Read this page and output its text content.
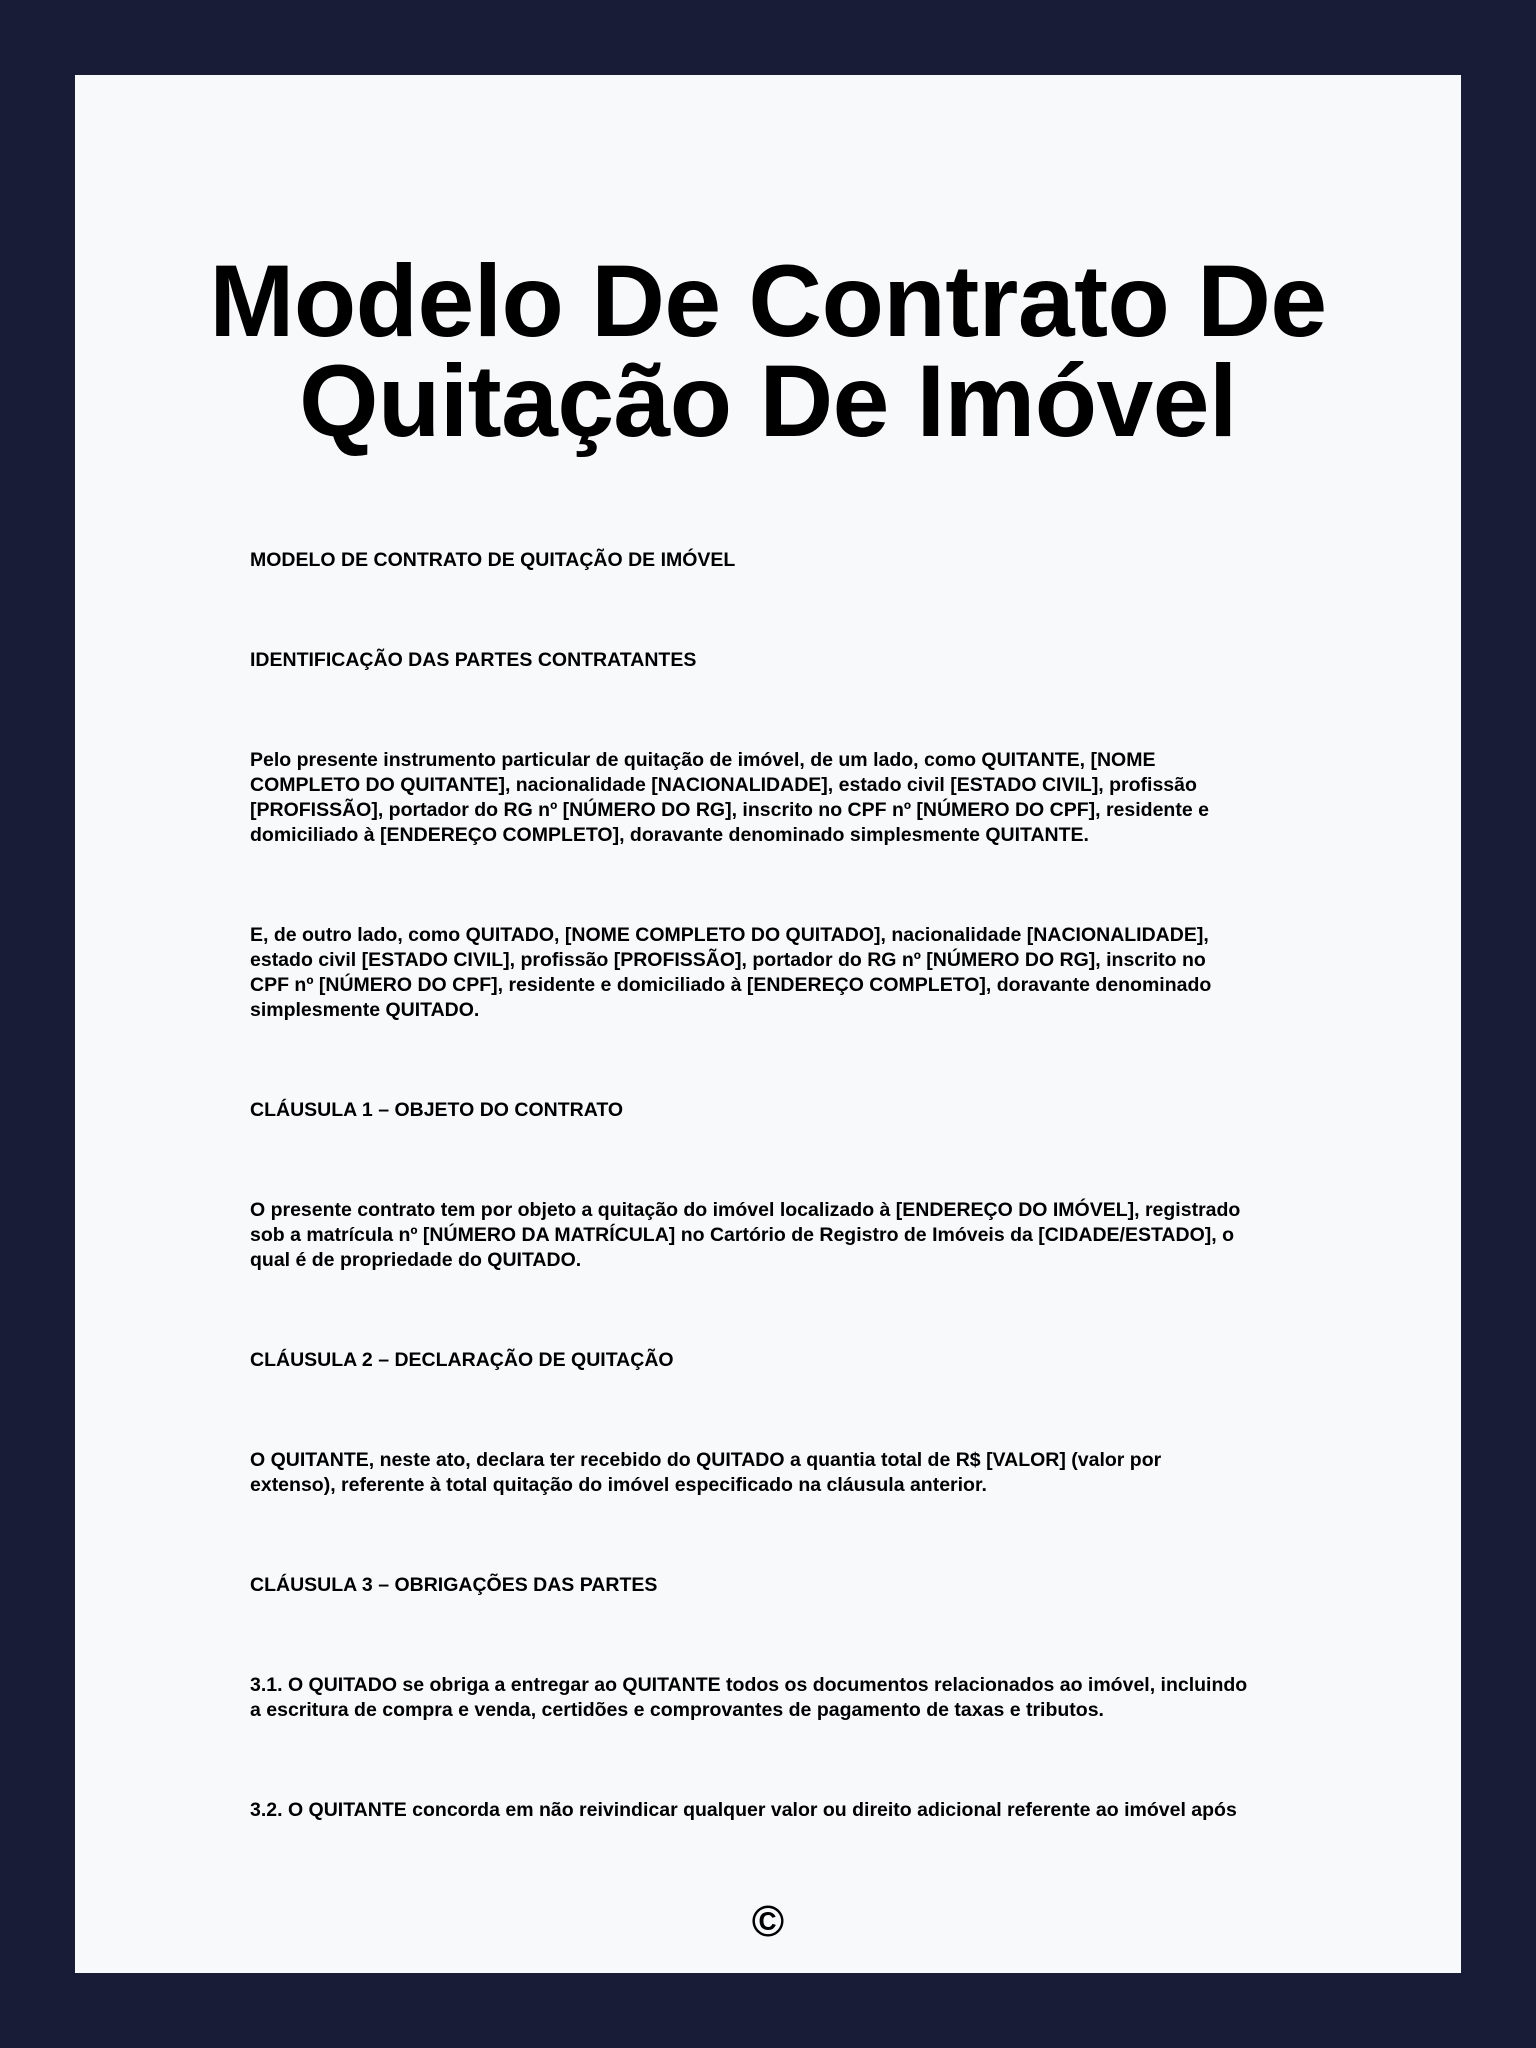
Modelo De Contrato De Quitação De Imóvel

MODELO DE CONTRATO DE QUITAÇÃO DE IMÓVEL

IDENTIFICAÇÃO DAS PARTES CONTRATANTES

Pelo presente instrumento particular de quitação de imóvel, de um lado, como QUITANTE, [NOME
COMPLETO DO QUITANTE], nacionalidade [NACIONALIDADE], estado civil [ESTADO CIVIL], profissão
[PROFISSÃO], portador do RG nº [NÚMERO DO RG], inscrito no CPF nº [NÚMERO DO CPF], residente e
domiciliado à [ENDEREÇO COMPLETO], doravante denominado simplesmente QUITANTE.

E, de outro lado, como QUITADO, [NOME COMPLETO DO QUITADO], nacionalidade [NACIONALIDADE],
estado civil [ESTADO CIVIL], profissão [PROFISSÃO], portador do RG nº [NÚMERO DO RG], inscrito no
CPF nº [NÚMERO DO CPF], residente e domiciliado à [ENDEREÇO COMPLETO], doravante denominado
simplesmente QUITADO.

CLÁUSULA 1 – OBJETO DO CONTRATO

O presente contrato tem por objeto a quitação do imóvel localizado à [ENDEREÇO DO IMÓVEL], registrado
sob a matrícula nº [NÚMERO DA MATRÍCULA] no Cartório de Registro de Imóveis da [CIDADE/ESTADO], o
qual é de propriedade do QUITADO.

CLÁUSULA 2 – DECLARAÇÃO DE QUITAÇÃO

O QUITANTE, neste ato, declara ter recebido do QUITADO a quantia total de R$ [VALOR] (valor por
extenso), referente à total quitação do imóvel especificado na cláusula anterior.

CLÁUSULA 3 – OBRIGAÇÕES DAS PARTES

3.1. O QUITADO se obriga a entregar ao QUITANTE todos os documentos relacionados ao imóvel, incluindo
a escritura de compra e venda, certidões e comprovantes de pagamento de taxas e tributos.

3.2. O QUITANTE concorda em não reivindicar qualquer valor ou direito adicional referente ao imóvel após

©
